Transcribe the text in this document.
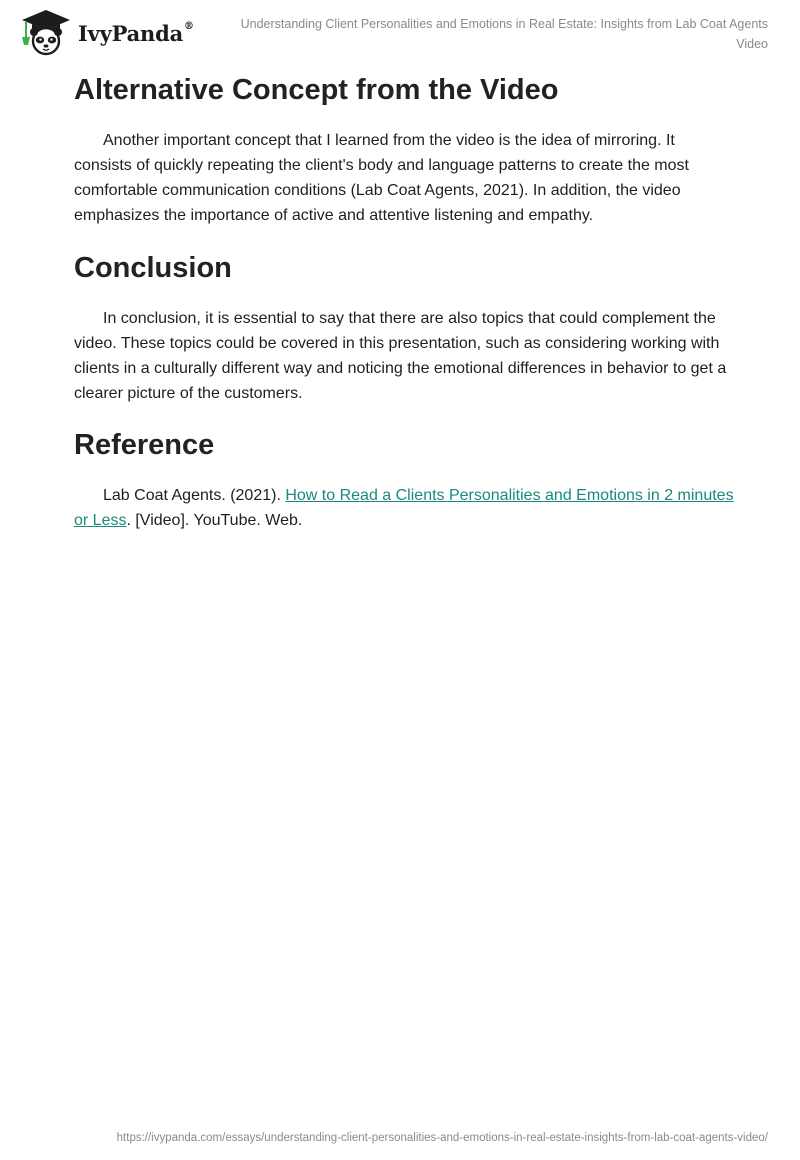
IvyPanda®	Understanding Client Personalities and Emotions in Real Estate: Insights from Lab Coat Agents Video
Alternative Concept from the Video

Another important concept that I learned from the video is the idea of mirroring. It consists of quickly repeating the client's body and language patterns to create the most comfortable communication conditions (Lab Coat Agents, 2021). In addition, the video emphasizes the importance of active and attentive listening and empathy.

Conclusion

In conclusion, it is essential to say that there are also topics that could complement the video. These topics could be covered in this presentation, such as considering working with clients in a culturally different way and noticing the emotional differences in behavior to get a clearer picture of the customers.

Reference

Lab Coat Agents. (2021). How to Read a Clients Personalities and Emotions in 2 minutes or Less. [Video]. YouTube. Web.

https://ivypanda.com/essays/understanding-client-personalities-and-emotions-in-real-estate-insights-from-lab-coat-agents-video/
